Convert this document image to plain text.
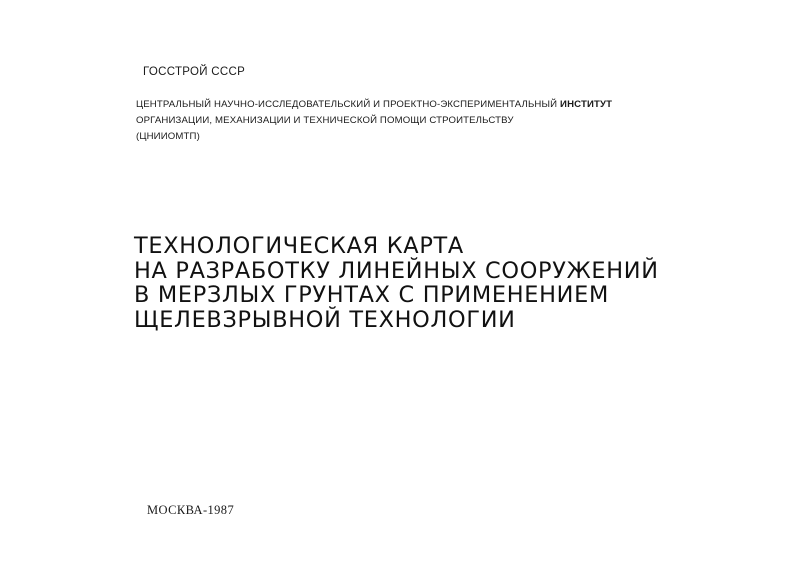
ГОССТРОЙ СССР
ЦЕНТРАЛЬНЫЙ НАУЧНО-ИССЛЕДОВАТЕЛЬСКИЙ И ПРОЕКТНО-ЭКСПЕРИМЕНТАЛЬНЫЙ ИНСТИТУТ
ОРГАНИЗАЦИИ, МЕХАНИЗАЦИИ И ТЕХНИЧЕСКОЙ ПОМОЩИ СТРОИТЕЛЬСТВУ
(ЦНИИОМТП)
ТЕХНОЛОГИЧЕСКАЯ КАРТА
НА РАЗРАБОТКУ ЛИНЕЙНЫХ СООРУЖЕНИЙ
В МЕРЗЛЫХ ГРУНТАХ С ПРИМЕНЕНИЕМ
ЩЕЛЕВЗРЫВНОЙ ТЕХНОЛОГИИ
МОСКВА-1987
